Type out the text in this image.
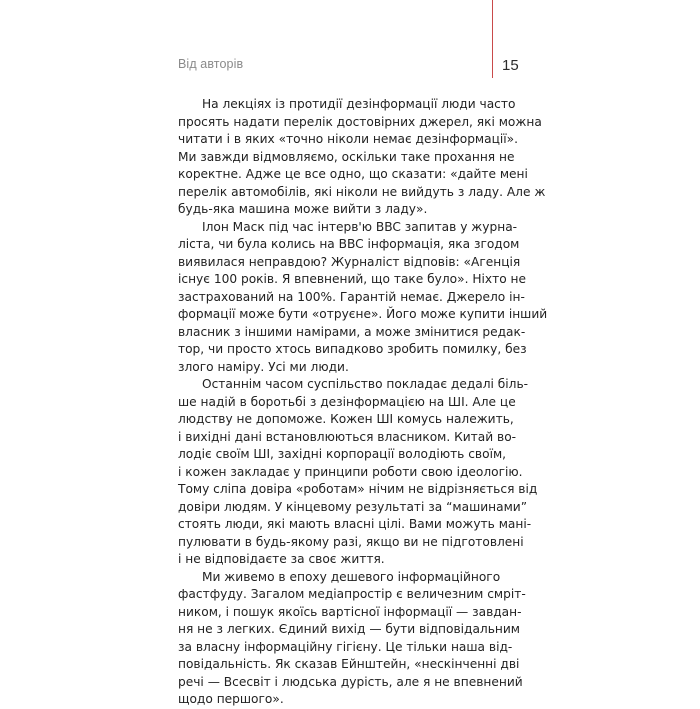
Від авторів	15

На лекціях із протидії дезінформації люди часто
просять надати перелік достовірних джерел, які можна
читати і в яких «точно ніколи немає дезінформації».
Ми завжди відмовляємо, оскільки таке прохання не
коректне. Адже це все одно, що сказати: «дайте мені
перелік автомобілів, які ніколи не вийдуть з ладу. Але ж
будь-яка машина може вийти з ладу».

Ілон Маск під час інтерв'ю BBC запитав у журна-
ліста, чи була колись на BBC інформація, яка згодом
виявилася неправдою? Журналіст відповів: «Агенція
існує 100 років. Я впевнений, що таке було». Ніхто не
застрахований на 100%. Гарантій немає. Джерело ін-
формації може бути «отруєне». Його може купити інший
власник з іншими намірами, а може змінитися редак-
тор, чи просто хтось випадково зробить помилку, без
злого наміру. Усі ми люди.

Останнім часом суспільство покладає дедалі біль-
ше надій в боротьбі з дезінформацією на ШІ. Але це
людству не допоможе. Кожен ШІ комусь належить,
і вихідні дані встановлюються власником. Китай во-
лодіє своїм ШІ, західні корпорації володіють своїм,
і кожен закладає у принципи роботи свою ідеологію.
Тому сліпа довіра «роботам» нічим не відрізняється від
довіри людям. У кінцевому результаті за “машинами”
стоять люди, які мають власні цілі. Вами можуть мані-
пулювати в будь-якому разі, якщо ви не підготовлені
і не відповідаєте за своє життя.

Ми живемо в епоху дешевого інформаційного
фастфуду. Загалом медіапростір є величезним смріт-
ником, і пошук якоїсь вартісної інформації — завдан-
ня не з легких. Єдиний вихід — бути відповідальним
за власну інформаційну гігієну. Це тільки наша від-
повідальність. Як сказав Ейнштейн, «нескінченні дві
речі — Всесвіт і людська дурість, але я не впевнений
щодо першого».
